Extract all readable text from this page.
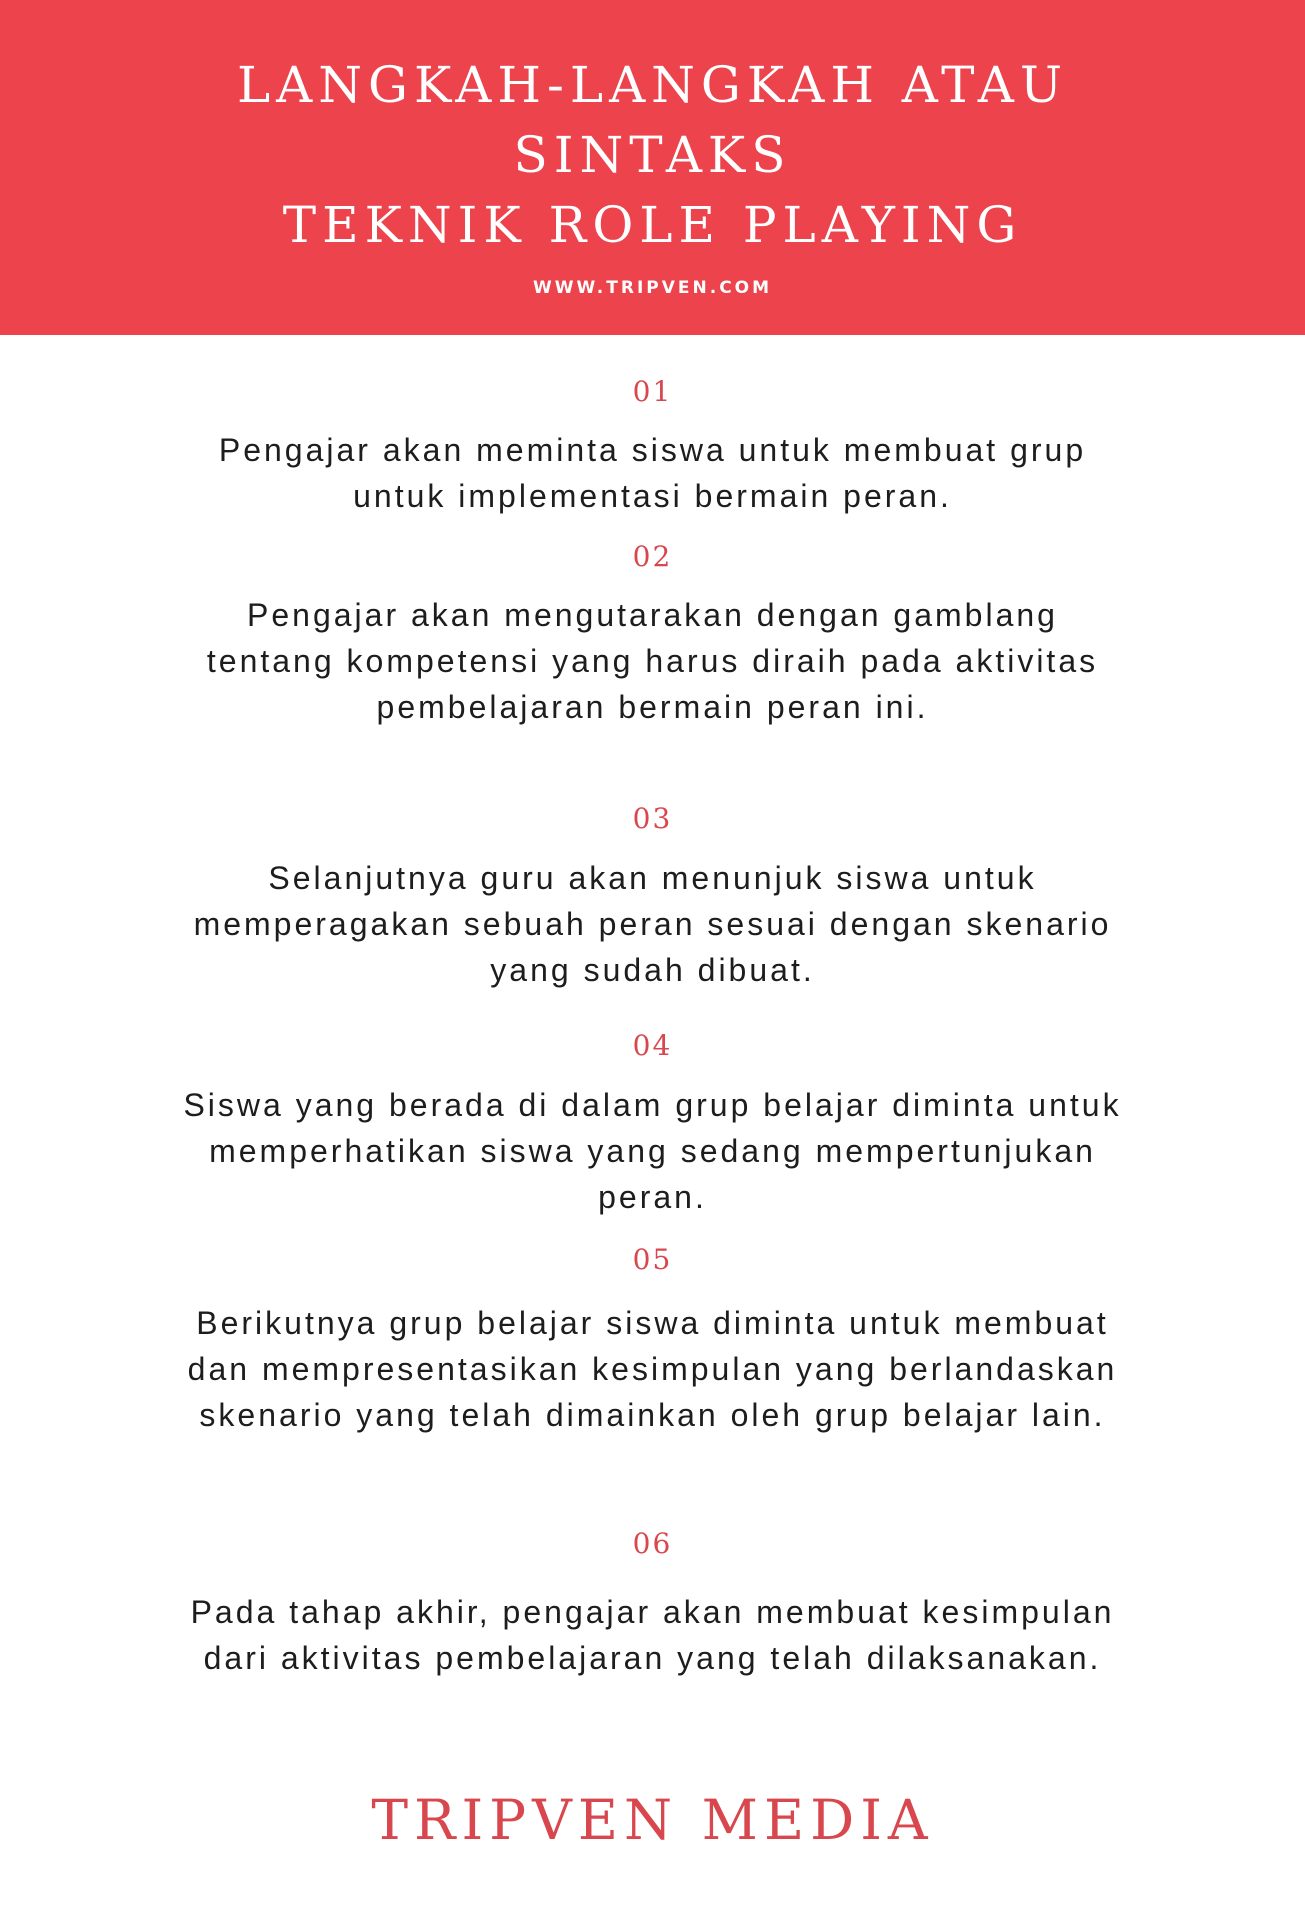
LANGKAH-LANGKAH ATAU
SINTAKS
TEKNIK ROLE PLAYING
WWW.TRIPVEN.COM
01
Pengajar akan meminta siswa untuk membuat grup untuk implementasi bermain peran.
02
Pengajar akan mengutarakan dengan gamblang tentang kompetensi yang harus diraih pada aktivitas pembelajaran bermain peran ini.
03
Selanjutnya guru akan menunjuk siswa untuk memperagakan sebuah peran sesuai dengan skenario yang sudah dibuat.
04
Siswa yang berada di dalam grup belajar diminta untuk memperhatikan siswa yang sedang mempertunjukan peran.
05
Berikutnya grup belajar siswa diminta untuk membuat dan mempresentasikan kesimpulan yang berlandaskan skenario yang telah dimainkan oleh grup belajar lain.
06
Pada tahap akhir, pengajar akan membuat kesimpulan dari aktivitas pembelajaran yang telah dilaksanakan.
TRIPVEN MEDIA
